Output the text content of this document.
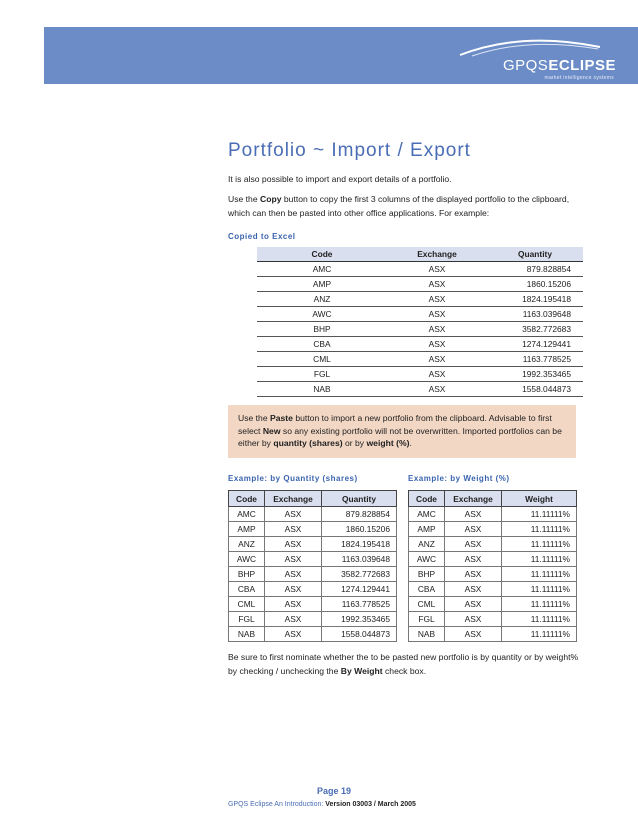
GPQSECLIPSE
market intelligence systems
Portfolio ~ Import / Export

It is also possible to import and export details of a portfolio.

Use the Copy button to copy the first 3 columns of the displayed portfolio to the clipboard, which can then be pasted into other office applications. For example:

Copied to Excel
Code	Exchange	Quantity
AMC	ASX	879.828854
AMP	ASX	1860.15206
ANZ	ASX	1824.195418
AWC	ASX	1163.039648
BHP	ASX	3582.772683
CBA	ASX	1274.129441
CML	ASX	1163.778525
FGL	ASX	1992.353465
NAB	ASX	1558.044873

Use the Paste button to import a new portfolio from the clipboard. Advisable to first select New so any existing portfolio will not be overwritten. Imported portfolios can be either by quantity (shares) or by weight (%).

Example: by Quantity (shares)	Example: by Weight (%)
Code	Exchange	Quantity
AMC	ASX	879.828854
AMP	ASX	1860.15206
ANZ	ASX	1824.195418
AWC	ASX	1163.039648
BHP	ASX	3582.772683
CBA	ASX	1274.129441
CML	ASX	1163.778525
FGL	ASX	1992.353465
NAB	ASX	1558.044873
Code	Exchange	Weight
AMC	ASX	11.11111%
AMP	ASX	11.11111%
ANZ	ASX	11.11111%
AWC	ASX	11.11111%
BHP	ASX	11.11111%
CBA	ASX	11.11111%
CML	ASX	11.11111%
FGL	ASX	11.11111%
NAB	ASX	11.11111%

Be sure to first nominate whether the to be pasted new portfolio is by quantity or by weight% by checking / unchecking the By Weight check box.

Page 19
GPQS Eclipse An Introduction: Version 03003 / March 2005
